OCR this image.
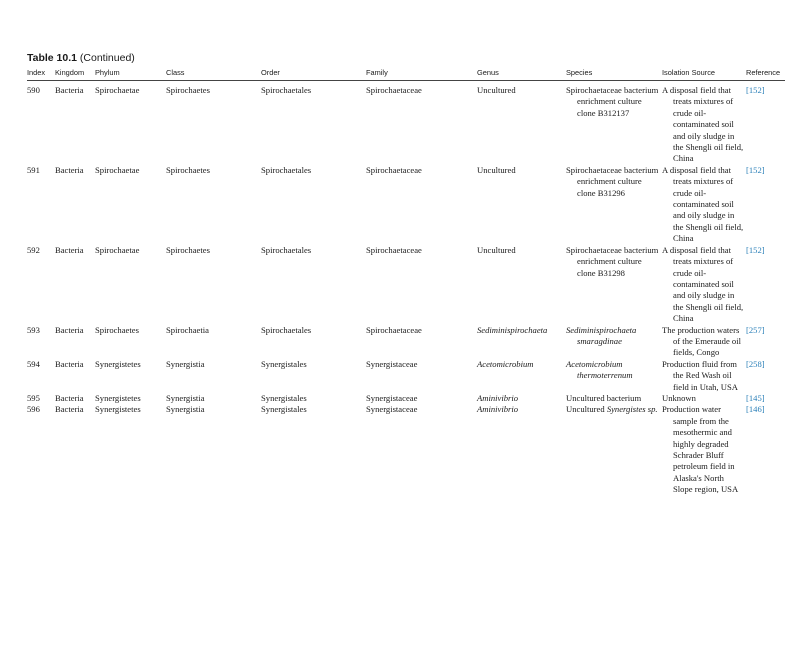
Table 10.1 (Continued)
Index	Kingdom	Phylum	Class	Order	Family	Genus	Species	Isolation Source	Reference
590	Bacteria	Spirochaetae	Spirochaetes	Spirochaetales	Spirochaetaceae	Uncultured	Spirochaetaceae bacterium enrichment culture clone B312137	A disposal field that treats mixtures of crude oil-contaminated soil and oily sludge in the Shengli oil field, China	[152]
591	Bacteria	Spirochaetae	Spirochaetes	Spirochaetales	Spirochaetaceae	Uncultured	Spirochaetaceae bacterium enrichment culture clone B31296	A disposal field that treats mixtures of crude oil-contaminated soil and oily sludge in the Shengli oil field, China	[152]
592	Bacteria	Spirochaetae	Spirochaetes	Spirochaetales	Spirochaetaceae	Uncultured	Spirochaetaceae bacterium enrichment culture clone B31298	A disposal field that treats mixtures of crude oil-contaminated soil and oily sludge in the Shengli oil field, China	[152]
593	Bacteria	Spirochaetes	Spirochaetia	Spirochaetales	Spirochaetaceae	Sediminispirochaeta	Sediminispirochaeta smaragdinae	The production waters of the Emeraude oil fields, Congo	[257]
594	Bacteria	Synergistetes	Synergistia	Synergistales	Synergistaceae	Acetomicrobium	Acetomicrobium thermoterrenum	Production fluid from the Red Wash oil field in Utah, USA	[258]
595	Bacteria	Synergistetes	Synergistia	Synergistales	Synergistaceae	Aminivibrio	Uncultured bacterium	Unknown	[145]
596	Bacteria	Synergistetes	Synergistia	Synergistales	Synergistaceae	Aminivibrio	Uncultured Synergistes sp.	Production water sample from the mesothermic and highly degraded Schrader Bluff petroleum field in Alaska's North Slope region, USA	[146]
